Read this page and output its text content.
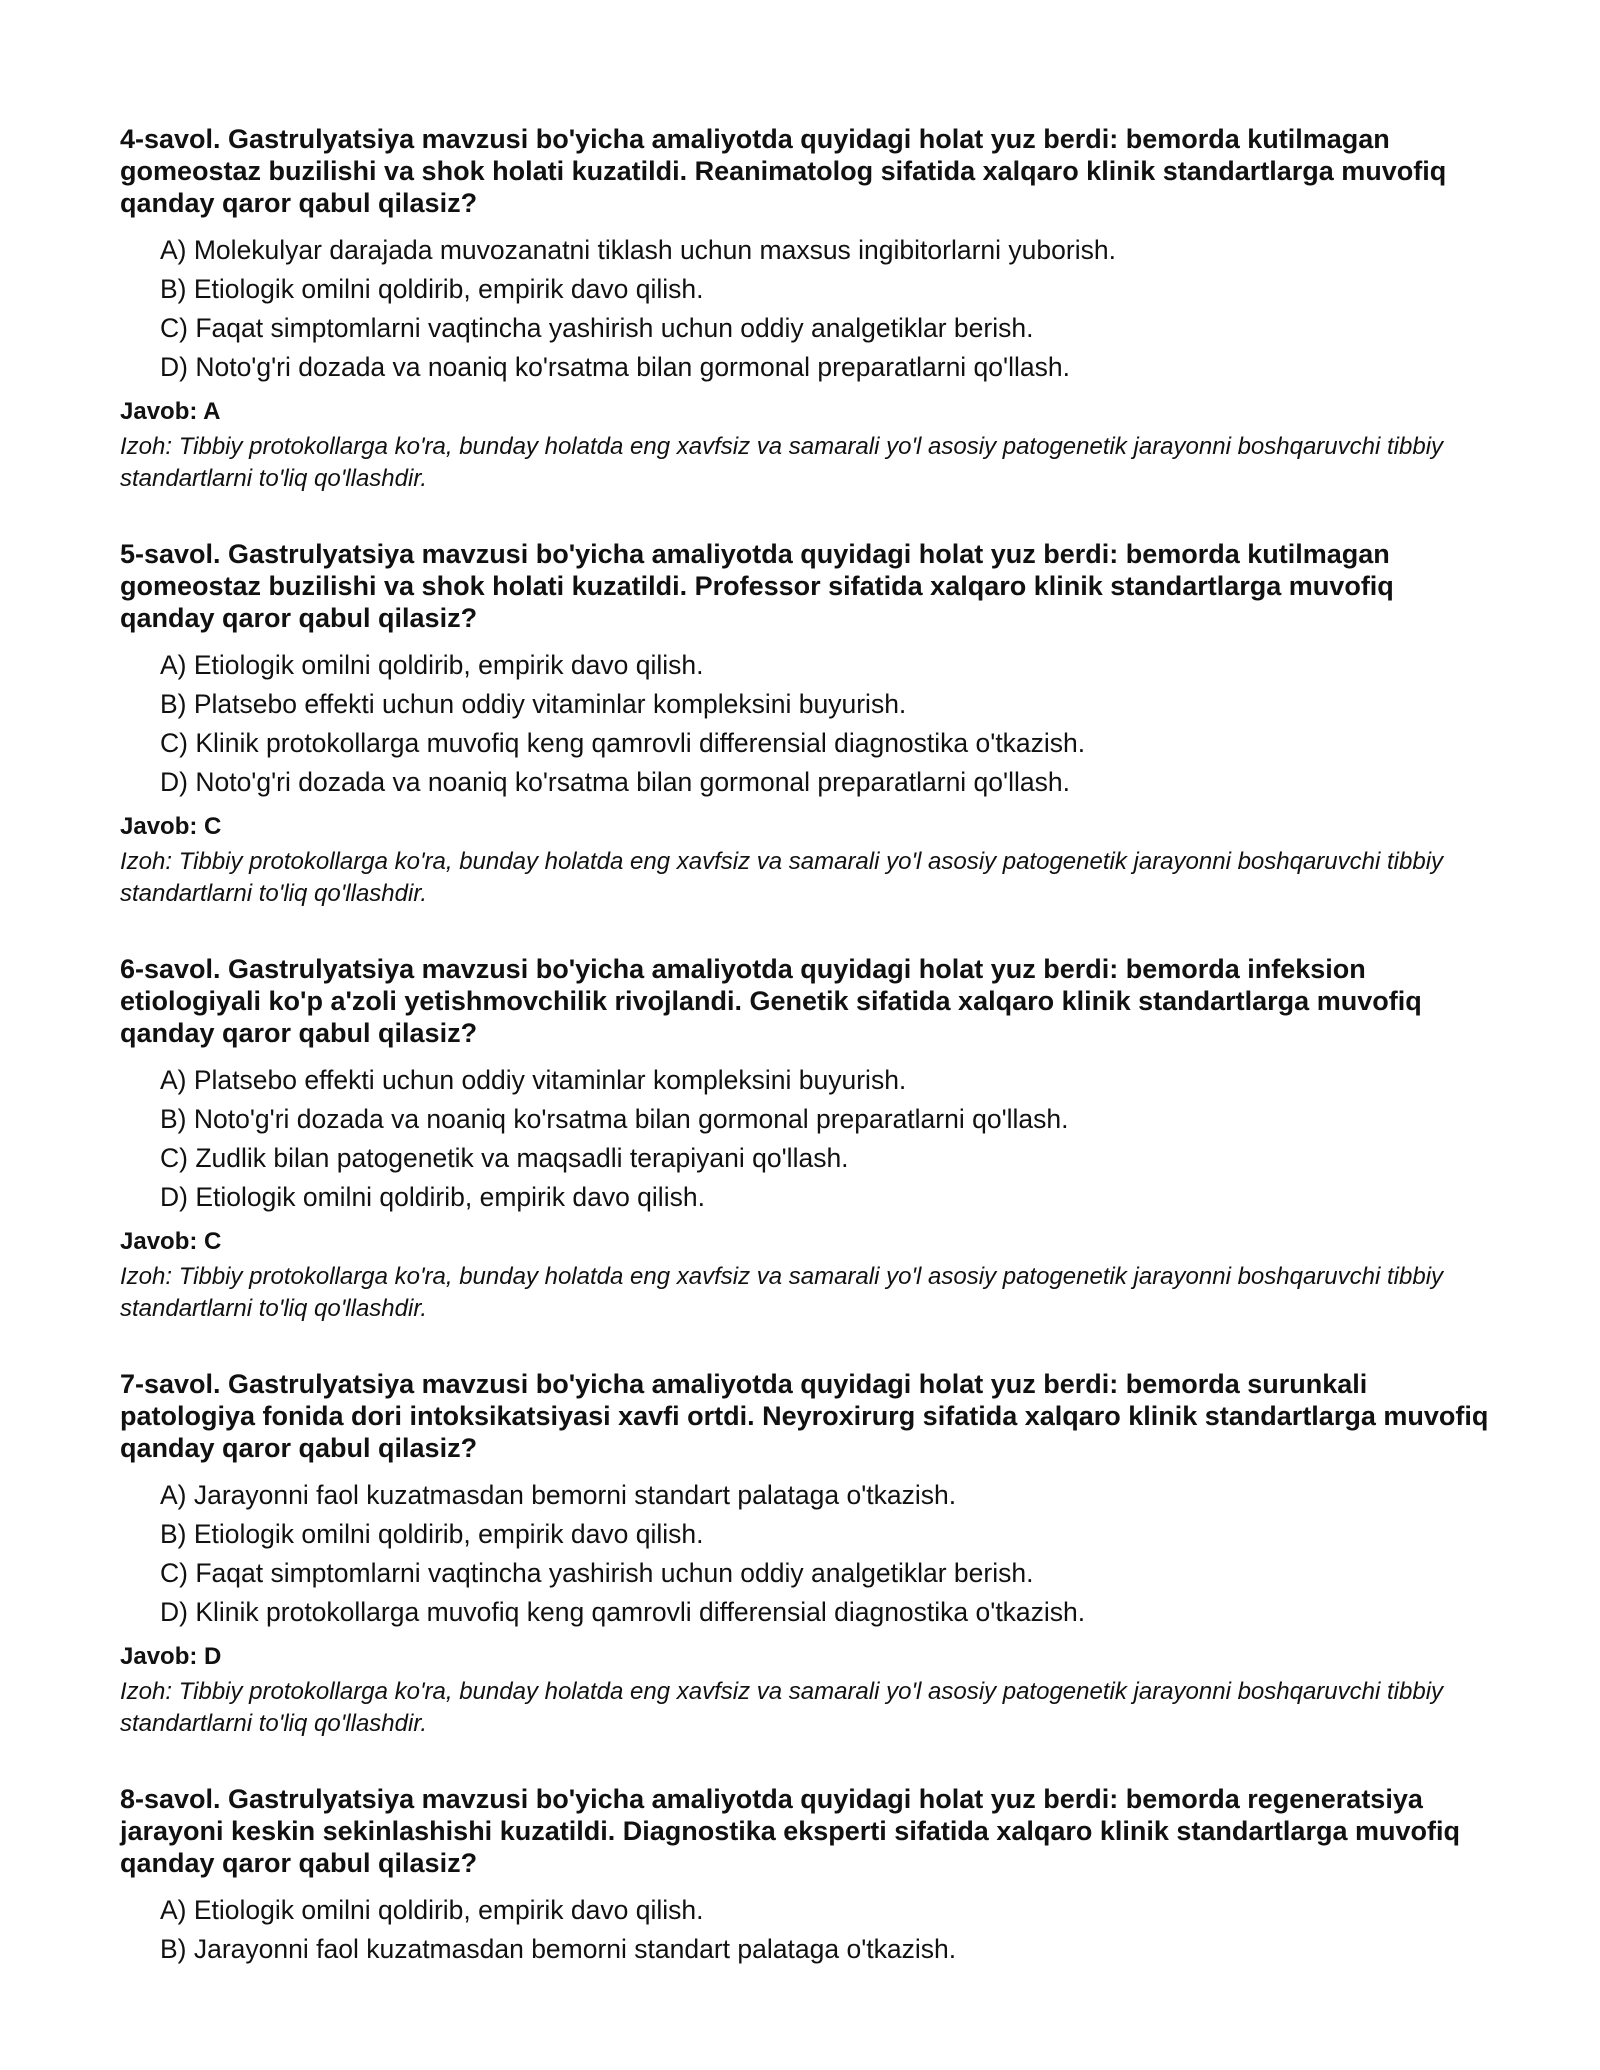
4-savol. Gastrulyatsiya mavzusi bo'yicha amaliyotda quyidagi holat yuz berdi: bemorda kutilmagan gomeostaz buzilishi va shok holati kuzatildi. Reanimatolog sifatida xalqaro klinik standartlarga muvofiq qanday qaror qabul qilasiz?
A) Molekulyar darajada muvozanatni tiklash uchun maxsus ingibitorlarni yuborish.
B) Etiologik omilni qoldirib, empirik davo qilish.
C) Faqat simptomlarni vaqtincha yashirish uchun oddiy analgetiklar berish.
D) Noto'g'ri dozada va noaniq ko'rsatma bilan gormonal preparatlarni qo'llash.
Javob: A
Izoh: Tibbiy protokollarga ko'ra, bunday holatda eng xavfsiz va samarali yo'l asosiy patogenetik jarayonni boshqaruvchi tibbiy standartlarni to'liq qo'llashdir.
5-savol. Gastrulyatsiya mavzusi bo'yicha amaliyotda quyidagi holat yuz berdi: bemorda kutilmagan gomeostaz buzilishi va shok holati kuzatildi. Professor sifatida xalqaro klinik standartlarga muvofiq qanday qaror qabul qilasiz?
A) Etiologik omilni qoldirib, empirik davo qilish.
B) Platsebo effekti uchun oddiy vitaminlar kompleksini buyurish.
C) Klinik protokollarga muvofiq keng qamrovli differensial diagnostika o'tkazish.
D) Noto'g'ri dozada va noaniq ko'rsatma bilan gormonal preparatlarni qo'llash.
Javob: C
Izoh: Tibbiy protokollarga ko'ra, bunday holatda eng xavfsiz va samarali yo'l asosiy patogenetik jarayonni boshqaruvchi tibbiy standartlarni to'liq qo'llashdir.
6-savol. Gastrulyatsiya mavzusi bo'yicha amaliyotda quyidagi holat yuz berdi: bemorda infeksion etiologiyali ko'p a'zoli yetishmovchilik rivojlandi. Genetik sifatida xalqaro klinik standartlarga muvofiq qanday qaror qabul qilasiz?
A) Platsebo effekti uchun oddiy vitaminlar kompleksini buyurish.
B) Noto'g'ri dozada va noaniq ko'rsatma bilan gormonal preparatlarni qo'llash.
C) Zudlik bilan patogenetik va maqsadli terapiyani qo'llash.
D) Etiologik omilni qoldirib, empirik davo qilish.
Javob: C
Izoh: Tibbiy protokollarga ko'ra, bunday holatda eng xavfsiz va samarali yo'l asosiy patogenetik jarayonni boshqaruvchi tibbiy standartlarni to'liq qo'llashdir.
7-savol. Gastrulyatsiya mavzusi bo'yicha amaliyotda quyidagi holat yuz berdi: bemorda surunkali patologiya fonida dori intoksikatsiyasi xavfi ortdi. Neyroxirurg sifatida xalqaro klinik standartlarga muvofiq qanday qaror qabul qilasiz?
A) Jarayonni faol kuzatmasdan bemorni standart palataga o'tkazish.
B) Etiologik omilni qoldirib, empirik davo qilish.
C) Faqat simptomlarni vaqtincha yashirish uchun oddiy analgetiklar berish.
D) Klinik protokollarga muvofiq keng qamrovli differensial diagnostika o'tkazish.
Javob: D
Izoh: Tibbiy protokollarga ko'ra, bunday holatda eng xavfsiz va samarali yo'l asosiy patogenetik jarayonni boshqaruvchi tibbiy standartlarni to'liq qo'llashdir.
8-savol. Gastrulyatsiya mavzusi bo'yicha amaliyotda quyidagi holat yuz berdi: bemorda regeneratsiya jarayoni keskin sekinlashishi kuzatildi. Diagnostika eksperti sifatida xalqaro klinik standartlarga muvofiq qanday qaror qabul qilasiz?
A) Etiologik omilni qoldirib, empirik davo qilish.
B) Jarayonni faol kuzatmasdan bemorni standart palataga o'tkazish.
